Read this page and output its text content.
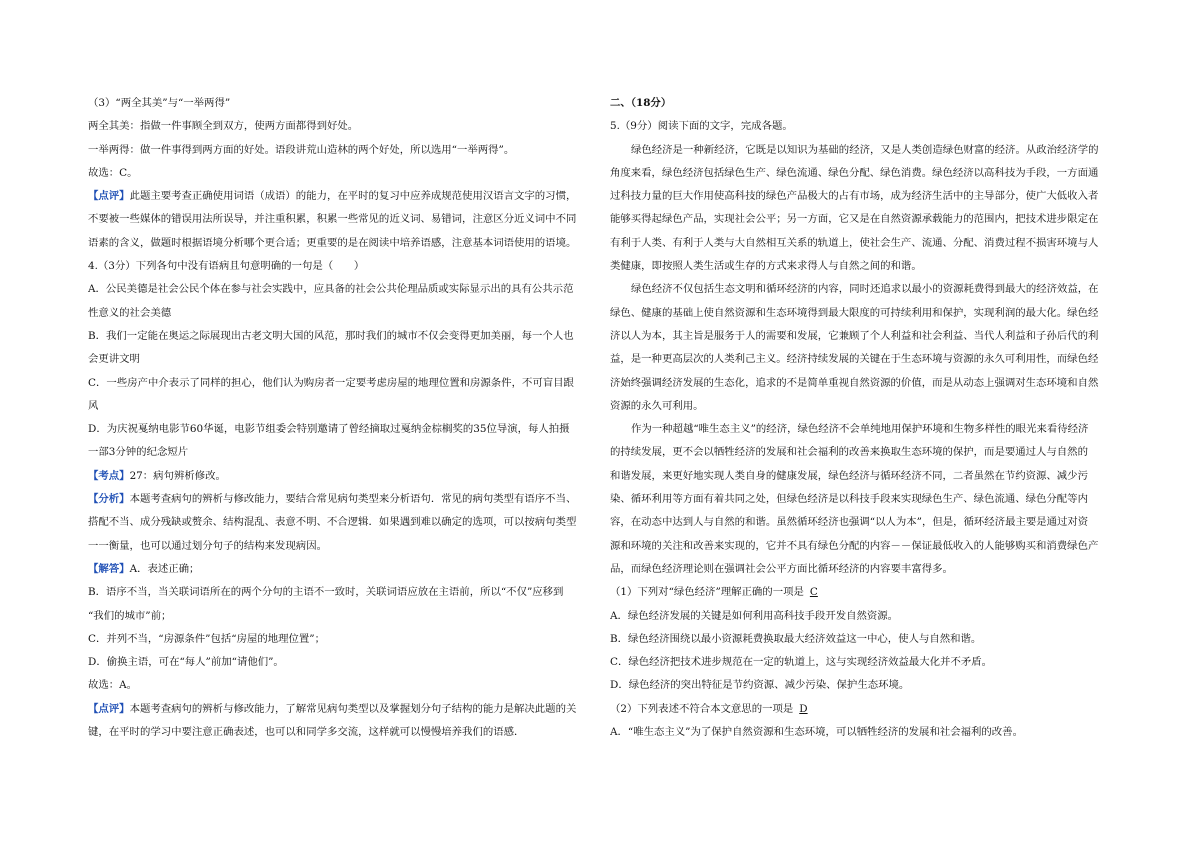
（3）“两全其美”与“一举两得”
两全其美：指做一件事顾全到双方，使两方面都得到好处。
一举两得：做一件事得到两方面的好处。语段讲荒山造林的两个好处，所以选用“一举两得”。
故选：C。
【点评】此题主要考查正确使用词语（成语）的能力，在平时的复习中应养成规范使用汉语言文字的习惯，
不要被一些媒体的错误用法所误导，并注重积累，积累一些常见的近义词、易错词，注意区分近义词中不同
语素的含义，做题时根据语境分析哪个更合适；更重要的是在阅读中培养语感，注意基本词语使用的语境。
4.（3分）下列各句中没有语病且句意明确的一句是（　　）
A．公民美德是社会公民个体在参与社会实践中，应具备的社会公共伦理品质或实际显示出的具有公共示范
性意义的社会美德
B．我们一定能在奥运之际展现出古老文明大国的风范，那时我们的城市不仅会变得更加美丽，每一个人也
会更讲文明
C．一些房产中介表示了同样的担心，他们认为购房者一定要考虑房屋的地理位置和房源条件，不可盲目跟
风
D．为庆祝戛纳电影节60华诞，电影节组委会特别邀请了曾经摘取过戛纳金棕榈奖的35位导演，每人拍摄
一部3分钟的纪念短片
【考点】27：病句辨析修改。
【分析】本题考查病句的辨析与修改能力，要结合常见病句类型来分析语句．常见的病句类型有语序不当、
搭配不当、成分残缺或赘余、结构混乱、表意不明、不合逻辑．如果遇到难以确定的选项，可以按病句类型
一一衡量，也可以通过划分句子的结构来发现病因。
【解答】A．表述正确；
B．语序不当，当关联词语所在的两个分句的主语不一致时，关联词语应放在主语前，所以“不仅”应移到
“我们的城市”前；
C．并列不当，“房源条件”包括“房屋的地理位置”；
D．偷换主语，可在“每人”前加“请他们”。
故选：A。
【点评】本题考查病句的辨析与修改能力，了解常见病句类型以及掌握划分句子结构的能力是解决此题的关
键，在平时的学习中要注意正确表述，也可以和同学多交流，这样就可以慢慢培养我们的语感．
二、（18分）
5.（9分）阅读下面的文字，完成各题。
绿色经济是一种新经济，它既是以知识为基础的经济，又是人类创造绿色财富的经济。从政治经济学的
角度来看，绿色经济包括绿色生产、绿色流通、绿色分配、绿色消费。绿色经济以高科技为手段，一方面通
过科技力量的巨大作用使高科技的绿色产品极大的占有市场，成为经济生活中的主导部分，使广大低收入者
能够买得起绿色产品，实现社会公平；另一方面，它又是在自然资源承载能力的范围内，把技术进步限定在
有利于人类、有利于人类与大自然相互关系的轨道上，使社会生产、流通、分配、消费过程不损害环境与人
类健康，即按照人类生活或生存的方式来求得人与自然之间的和谐。
绿色经济不仅包括生态文明和循环经济的内容，同时还追求以最小的资源耗费得到最大的经济效益，在
绿色、健康的基础上使自然资源和生态环境得到最大限度的可持续利用和保护，实现利润的最大化。绿色经
济以人为本，其主旨是服务于人的需要和发展，它兼顾了个人利益和社会利益、当代人利益和子孙后代的利
益，是一种更高层次的人类利己主义。经济持续发展的关键在于生态环境与资源的永久可利用性，而绿色经
济始终强调经济发展的生态化，追求的不是简单重视自然资源的价值，而是从动态上强调对生态环境和自然
资源的永久可利用。
作为一种超越“唯生态主义”的经济，绿色经济不会单纯地用保护环境和生物多样性的眼光来看待经济
的持续发展，更不会以牺牲经济的发展和社会福利的改善来换取生态环境的保护，而是要通过人与自然的
和谐发展，来更好地实现人类自身的健康发展，绿色经济与循环经济不同，二者虽然在节约资源、减少污
染、循环利用等方面有着共同之处，但绿色经济是以科技手段来实现绿色生产、绿色流通、绿色分配等内
容，在动态中达到人与自然的和谐。虽然循环经济也强调“以人为本”，但是，循环经济最主要是通过对资
源和环境的关注和改善来实现的，它并不具有绿色分配的内容－－保证最低收入的人能够购买和消费绿色产
品，而绿色经济理论则在强调社会公平方面比循环经济的内容要丰富得多。
（1）下列对“绿色经济”理解正确的一项是 C
A．绿色经济发展的关键是如何利用高科技手段开发自然资源。
B．绿色经济围绕以最小资源耗费换取最大经济效益这一中心，使人与自然和谐。
C．绿色经济把技术进步规范在一定的轨道上，这与实现经济效益最大化并不矛盾。
D．绿色经济的突出特征是节约资源、减少污染、保护生态环境。
（2）下列表述不符合本文意思的一项是 D
A．“唯生态主义”为了保护自然资源和生态环境，可以牺牲经济的发展和社会福利的改善。
